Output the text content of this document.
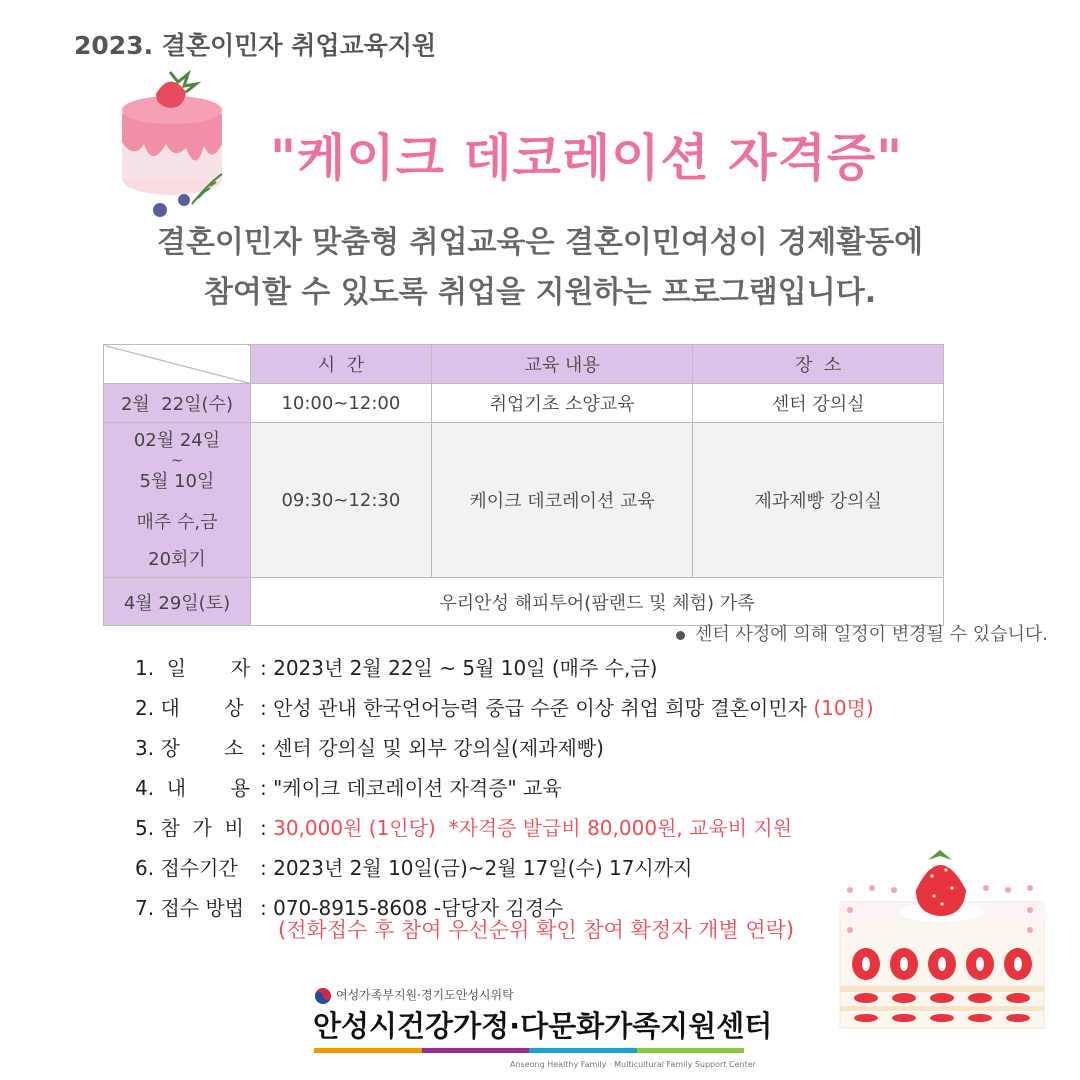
2023. 결혼이민자 취업교육지원
"케이크 데코레이션 자격증"
결혼이민자 맞춤형 취업교육은 결혼이민여성이 경제활동에
참여할 수 있도록 취업을 지원하는 프로그램입니다.
	시  간	교육 내용	장  소
2월  22일(수)	10:00~12:00	취업기초 소양교육	센터 강의실

02월 24일
~
5월 10일
매주 수,금
20회기	09:30~12:30	케이크 데코레이션 교육	제과제빵 강의실
4월 29일(토)	우리안성 해피투어(팜랜드 및 체험) 가족		
센터 사정에 의해 일정이 변경될 수 있습니다.
1.  일       자 : 2023년 2월 22일 ~ 5월 10일 (매주 수,금)
2. 대       상 : 안성 관내 한국언어능력 중급 수준 이상 취업 희망 결혼이민자 (10명)
3. 장       소 : 센터 강의실 및 외부 강의실(제과제빵)
4.  내       용 : "케이크 데코레이션 자격증" 교육
5. 참  가  비 : 30,000원 (1인당)  *자격증 발급비 80,000원, 교육비 지원
6. 접수기간 : 2023년 2월 10일(금)~2월 17일(수) 17시까지
7. 접수 방법 : 070-8915-8608 -담당자 김경수
(전화접수 후 참여 우선순위 확인 참여 확정자 개별 연락)
여성가족부지원·경기도안성시위탁
안성시건강가정·다문화가족지원센터
Anseong Healthy Family · Multicultural Family Support Center
